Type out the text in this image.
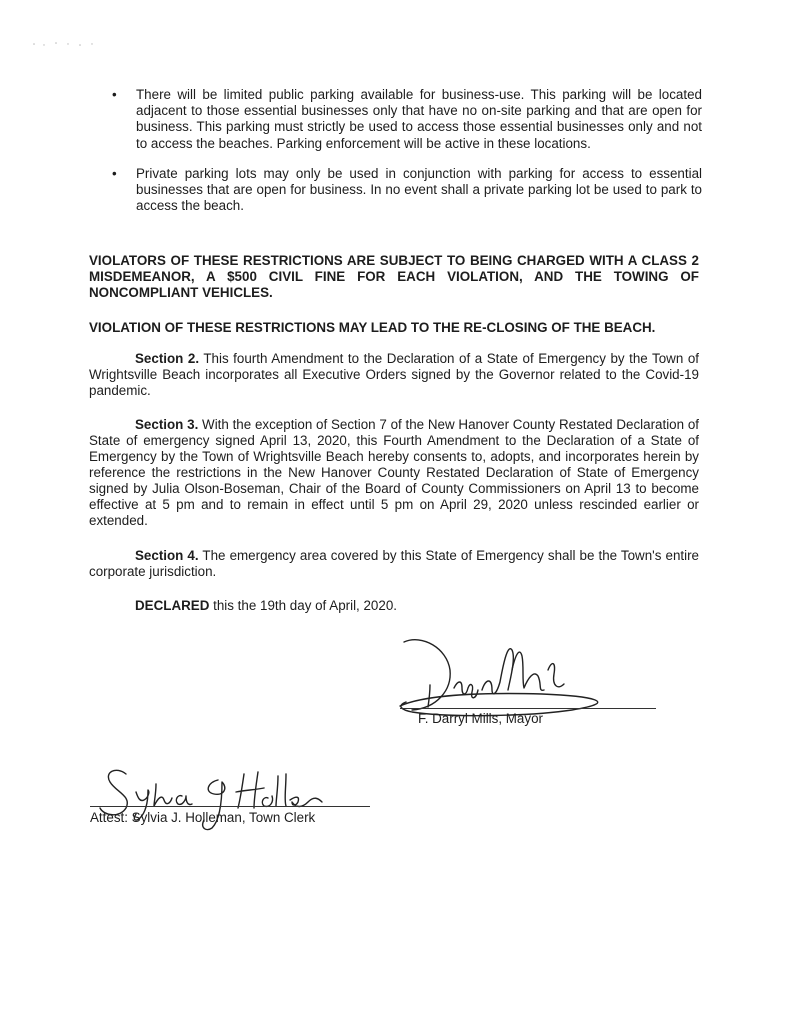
• There will be limited public parking available for business-use. This parking will be located adjacent to those essential businesses only that have no on-site parking and that are open for business. This parking must strictly be used to access those essential businesses only and not to access the beaches. Parking enforcement will be active in these locations.
• Private parking lots may only be used in conjunction with parking for access to essential businesses that are open for business. In no event shall a private parking lot be used to park to access the beach.

VIOLATORS OF THESE RESTRICTIONS ARE SUBJECT TO BEING CHARGED WITH A CLASS 2 MISDEMEANOR, A $500 CIVIL FINE FOR EACH VIOLATION, AND THE TOWING OF NONCOMPLIANT VEHICLES.

VIOLATION OF THESE RESTRICTIONS MAY LEAD TO THE RE-CLOSING OF THE BEACH.

Section 2. This fourth Amendment to the Declaration of a State of Emergency by the Town of Wrightsville Beach incorporates all Executive Orders signed by the Governor related to the Covid-19 pandemic.

Section 3. With the exception of Section 7 of the New Hanover County Restated Declaration of State of emergency signed April 13, 2020, this Fourth Amendment to the Declaration of a State of Emergency by the Town of Wrightsville Beach hereby consents to, adopts, and incorporates herein by reference the restrictions in the New Hanover County Restated Declaration of State of Emergency signed by Julia Olson-Boseman, Chair of the Board of County Commissioners on April 13 to become effective at 5 pm and to remain in effect until 5 pm on April 29, 2020 unless rescinded earlier or extended.

Section 4. The emergency area covered by this State of Emergency shall be the Town's entire corporate jurisdiction.

DECLARED this the 19th day of April, 2020.

F. Darryl Mills, Mayor
Attest: Sylvia J. Holleman, Town Clerk
